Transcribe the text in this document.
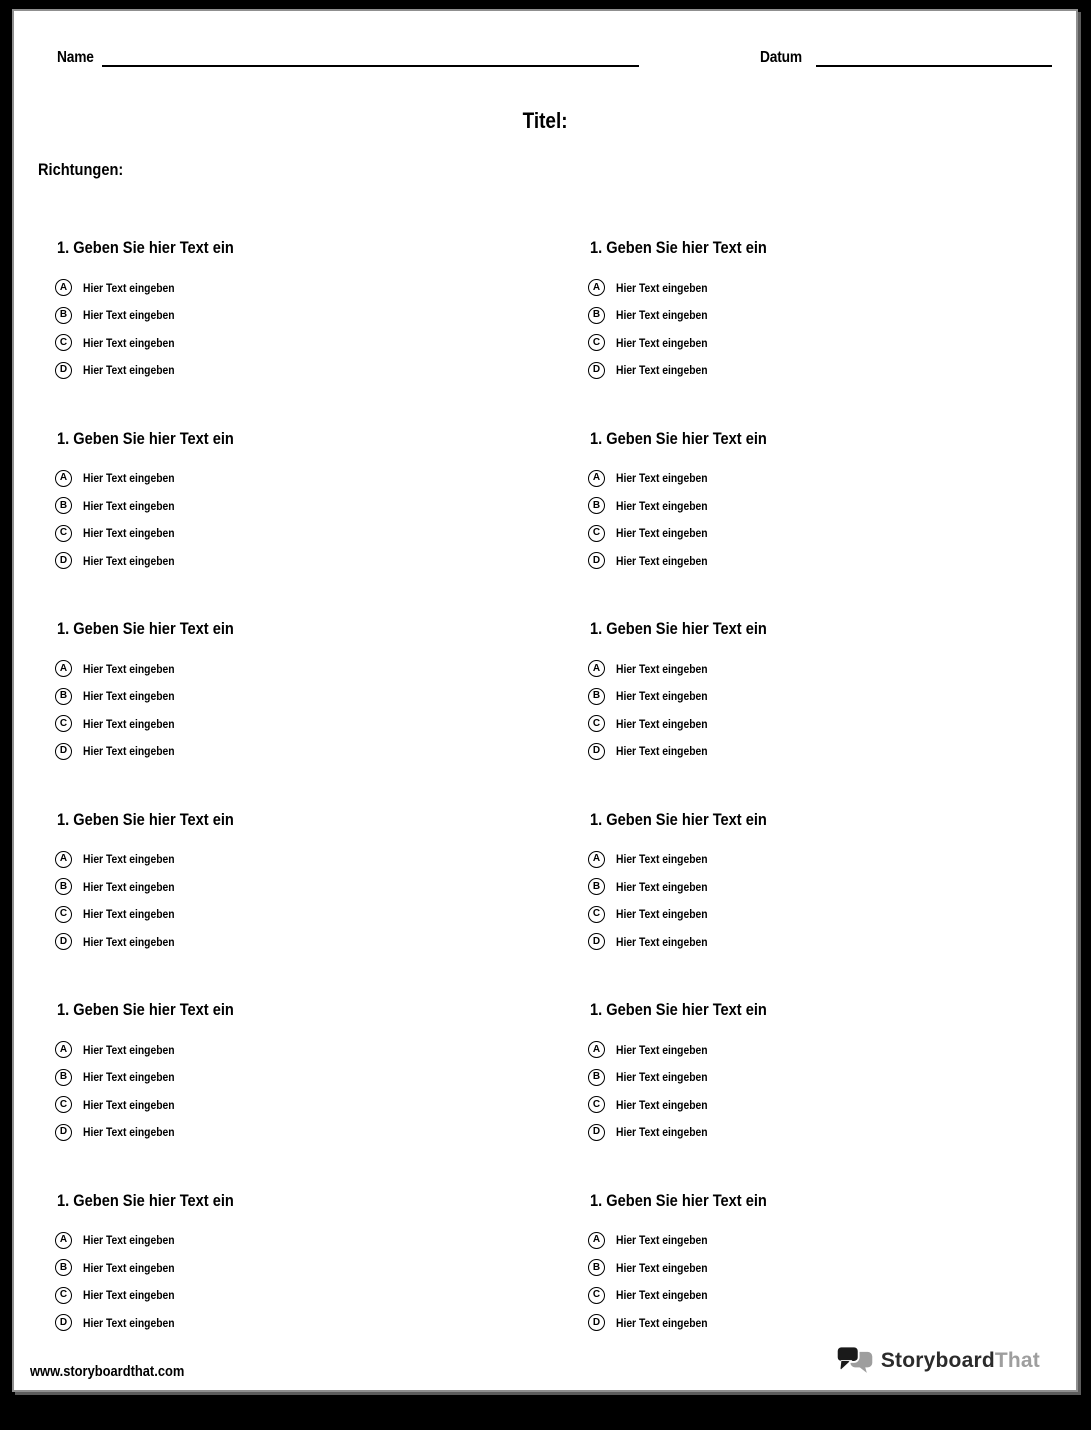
Name	Datum
Titel:
Richtungen:
1. Geben Sie hier Text ein
A	Hier Text eingeben
B	Hier Text eingeben
C	Hier Text eingeben
D	Hier Text eingeben
1. Geben Sie hier Text ein
A	Hier Text eingeben
B	Hier Text eingeben
C	Hier Text eingeben
D	Hier Text eingeben
1. Geben Sie hier Text ein
A	Hier Text eingeben
B	Hier Text eingeben
C	Hier Text eingeben
D	Hier Text eingeben
1. Geben Sie hier Text ein
A	Hier Text eingeben
B	Hier Text eingeben
C	Hier Text eingeben
D	Hier Text eingeben
1. Geben Sie hier Text ein
A	Hier Text eingeben
B	Hier Text eingeben
C	Hier Text eingeben
D	Hier Text eingeben
1. Geben Sie hier Text ein
A	Hier Text eingeben
B	Hier Text eingeben
C	Hier Text eingeben
D	Hier Text eingeben
1. Geben Sie hier Text ein
A	Hier Text eingeben
B	Hier Text eingeben
C	Hier Text eingeben
D	Hier Text eingeben
1. Geben Sie hier Text ein
A	Hier Text eingeben
B	Hier Text eingeben
C	Hier Text eingeben
D	Hier Text eingeben
1. Geben Sie hier Text ein
A	Hier Text eingeben
B	Hier Text eingeben
C	Hier Text eingeben
D	Hier Text eingeben
1. Geben Sie hier Text ein
A	Hier Text eingeben
B	Hier Text eingeben
C	Hier Text eingeben
D	Hier Text eingeben
1. Geben Sie hier Text ein
A	Hier Text eingeben
B	Hier Text eingeben
C	Hier Text eingeben
D	Hier Text eingeben
1. Geben Sie hier Text ein
A	Hier Text eingeben
B	Hier Text eingeben
C	Hier Text eingeben
D	Hier Text eingeben
www.storyboardthat.com	StoryboardThat
